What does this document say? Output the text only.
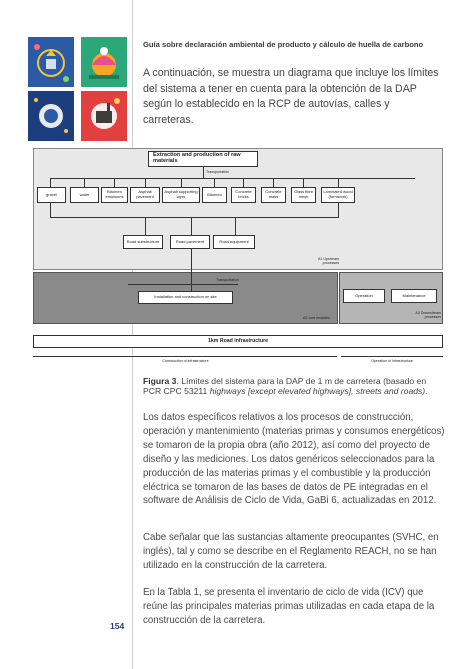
Guía sobre declaración ambiental de producto y cálculo de huella de carbono
A continuación, se muestra un diagrama que incluye los límites del sistema a tener en cuenta para la obtención de la DAP según lo establecido en la RCP de autovías, calles y carreteras.
Extraction and production of raw materials
Transportation
gravel	water	Bitumen emulsions
Asphalt pavement
Asphalt supporting layer	Bitumen	Concrete bricks
Concrete mass
Glass fibre mesh
Laminated wood (formwork)
Road substructure	Road pavement	Road equipment
A1 Upstream processes
Transportation
Installation and construction on site
A2 core modules
Operation	Maintenance
A3 Downstream processes
1km Road infrastructure
Construction of infrastructure	Operation of infrastructure
Figura 3. Límites del sistema para la DAP de 1 m de carretera (basado en PCR CPC 53211 highways [except elevated highways], streets and roads).
Los datos específicos relativos a los procesos de construcción, operación y mantenimiento (materias primas y consumos energéticos) se tomaron de la propia obra (año 2012), así como del proyecto de diseño y las mediciones. Los datos genéricos seleccionados para la producción de las materias primas y el combustible y la producción eléctrica se tomaron de las bases de datos de PE integradas en el software de Análisis de Ciclo de Vida, GaBi 6, actualizadas en 2012.
Cabe señalar que las sustancias altamente preocupantes (SVHC, en inglés), tal y como se describe en el Reglamento REACH, no se han utilizado en la construcción de la carretera.
En la Tabla 1, se presenta el inventario de ciclo de vida (ICV) que reúne las principales materias primas utilizadas en cada etapa de la construcción de la carretera.
154
